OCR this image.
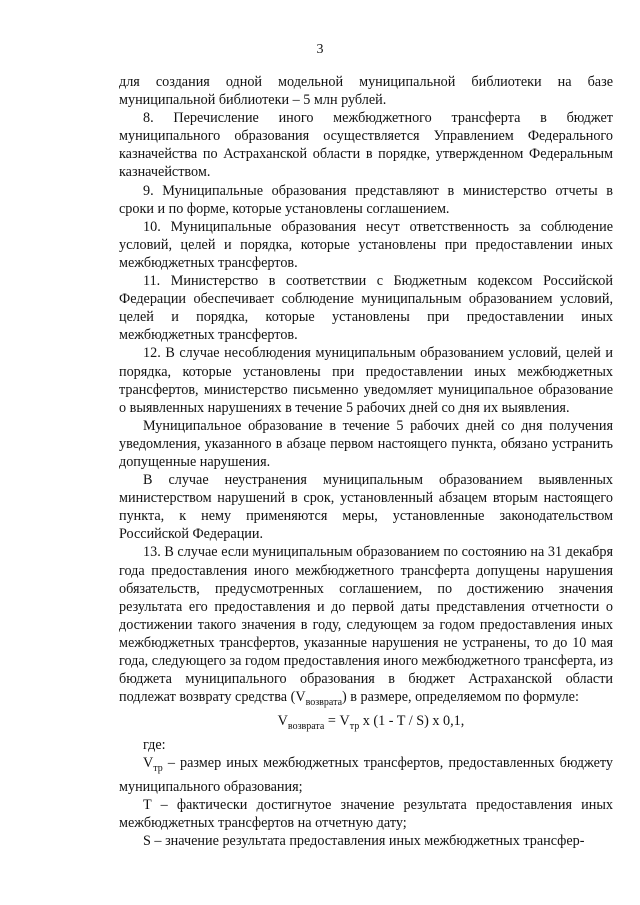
3

для создания одной модельной муниципальной библиотеки на базе муниципальной библиотеки – 5 млн рублей.

8. Перечисление иного межбюджетного трансферта в бюджет муниципального образования осуществляется Управлением Федерального казначейства по Астраханской области в порядке, утвержденном Федеральным казначейством.

9. Муниципальные образования представляют в министерство отчеты в сроки и по форме, которые установлены соглашением.

10. Муниципальные образования несут ответственность за соблюдение условий, целей и порядка, которые установлены при предоставлении иных межбюджетных трансфертов.

11. Министерство в соответствии с Бюджетным кодексом Российской Федерации обеспечивает соблюдение муниципальным образованием условий, целей и порядка, которые установлены при предоставлении иных межбюджетных трансфертов.

12. В случае несоблюдения муниципальным образованием условий, целей и порядка, которые установлены при предоставлении иных межбюджетных трансфертов, министерство письменно уведомляет муниципальное образование о выявленных нарушениях в течение 5 рабочих дней со дня их выявления.

Муниципальное образование в течение 5 рабочих дней со дня получения уведомления, указанного в абзаце первом настоящего пункта, обязано устранить допущенные нарушения.

В случае неустранения муниципальным образованием выявленных министерством нарушений в срок, установленный абзацем вторым настоящего пункта, к нему применяются меры, установленные законодательством Российской Федерации.

13. В случае если муниципальным образованием по состоянию на 31 декабря года предоставления иного межбюджетного трансферта допущены нарушения обязательств, предусмотренных соглашением, по достижению значения результата его предоставления и до первой даты представления отчетности о достижении такого значения в году, следующем за годом предоставления иных межбюджетных трансфертов, указанные нарушения не устранены, то до 10 мая года, следующего за годом предоставления иного межбюджетного трансферта, из бюджета муниципального образования в бюджет Астраханской области подлежат возврату средства $(V_{возврата})$ в размере, определяемом по формуле:

$V_{возврата} = V_{тр}$ x (1 - T / S) x 0,1,

где:

$V_{тр}$ – размер иных межбюджетных трансфертов, предоставленных бюджету муниципального образования;

T – фактически достигнутое значение результата предоставления иных межбюджетных трансфертов на отчетную дату;

S – значение результата предоставления иных межбюджетных трансфер-
